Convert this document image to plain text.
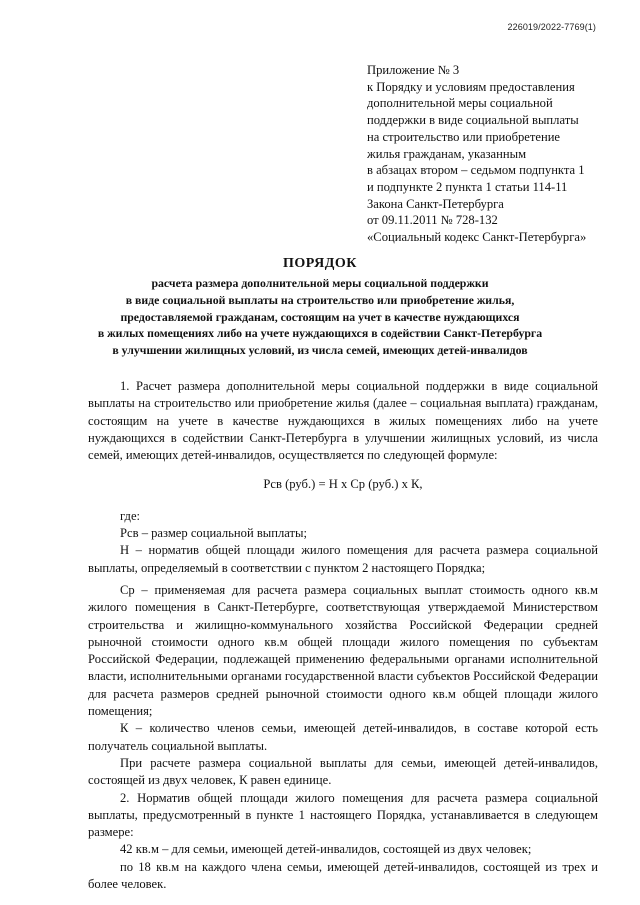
226019/2022-7769(1)
Приложение № 3
к Порядку и условиям предоставления
дополнительной меры социальной
поддержки в виде социальной выплаты
на строительство или приобретение
жилья гражданам, указанным
в абзацах втором – седьмом подпункта 1
и подпункте 2 пункта 1 статьи 114-11
Закона Санкт-Петербурга
от 09.11.2011 № 728-132
«Социальный кодекс Санкт-Петербурга»
ПОРЯДОК
расчета размера дополнительной меры социальной поддержки
в виде социальной выплаты на строительство или приобретение жилья,
предоставляемой гражданам, состоящим на учет в качестве нуждающихся
в жилых помещениях либо на учете нуждающихся в содействии Санкт-Петербурга
в улучшении жилищных условий, из числа семей, имеющих детей-инвалидов

1. Расчет размера дополнительной меры социальной поддержки в виде социальной выплаты на строительство или приобретение жилья (далее – социальная выплата) гражданам, состоящим на учете в качестве нуждающихся в жилых помещениях либо на учете нуждающихся в содействии Санкт-Петербурга в улучшении жилищных условий, из числа семей, имеющих детей-инвалидов, осуществляется по следующей формуле:

Рсв (руб.) = Н х Ср (руб.) х К,

где:

Рсв – размер социальной выплаты;

Н – норматив общей площади жилого помещения для расчета размера социальной выплаты, определяемый в соответствии с пунктом 2 настоящего Порядка;

Ср – применяемая для расчета размера социальных выплат стоимость одного кв.м жилого помещения в Санкт-Петербурге, соответствующая утверждаемой Министерством строительства и жилищно-коммунального хозяйства Российской Федерации средней рыночной стоимости одного кв.м общей площади жилого помещения по субъектам Российской Федерации, подлежащей применению федеральными органами исполнительной власти, исполнительными органами государственной власти субъектов Российской Федерации для расчета размеров средней рыночной стоимости одного кв.м общей площади жилого помещения;

К – количество членов семьи, имеющей детей-инвалидов, в составе которой есть получатель социальной выплаты.

При расчете размера социальной выплаты для семьи, имеющей детей-инвалидов, состоящей из двух человек, К равен единице.

2. Норматив общей площади жилого помещения для расчета размера социальной выплаты, предусмотренный в пункте 1 настоящего Порядка, устанавливается в следующем размере:

42 кв.м – для семьи, имеющей детей-инвалидов, состоящей из двух человек;

по 18 кв.м на каждого члена семьи, имеющей детей-инвалидов, состоящей из трех и более человек.
